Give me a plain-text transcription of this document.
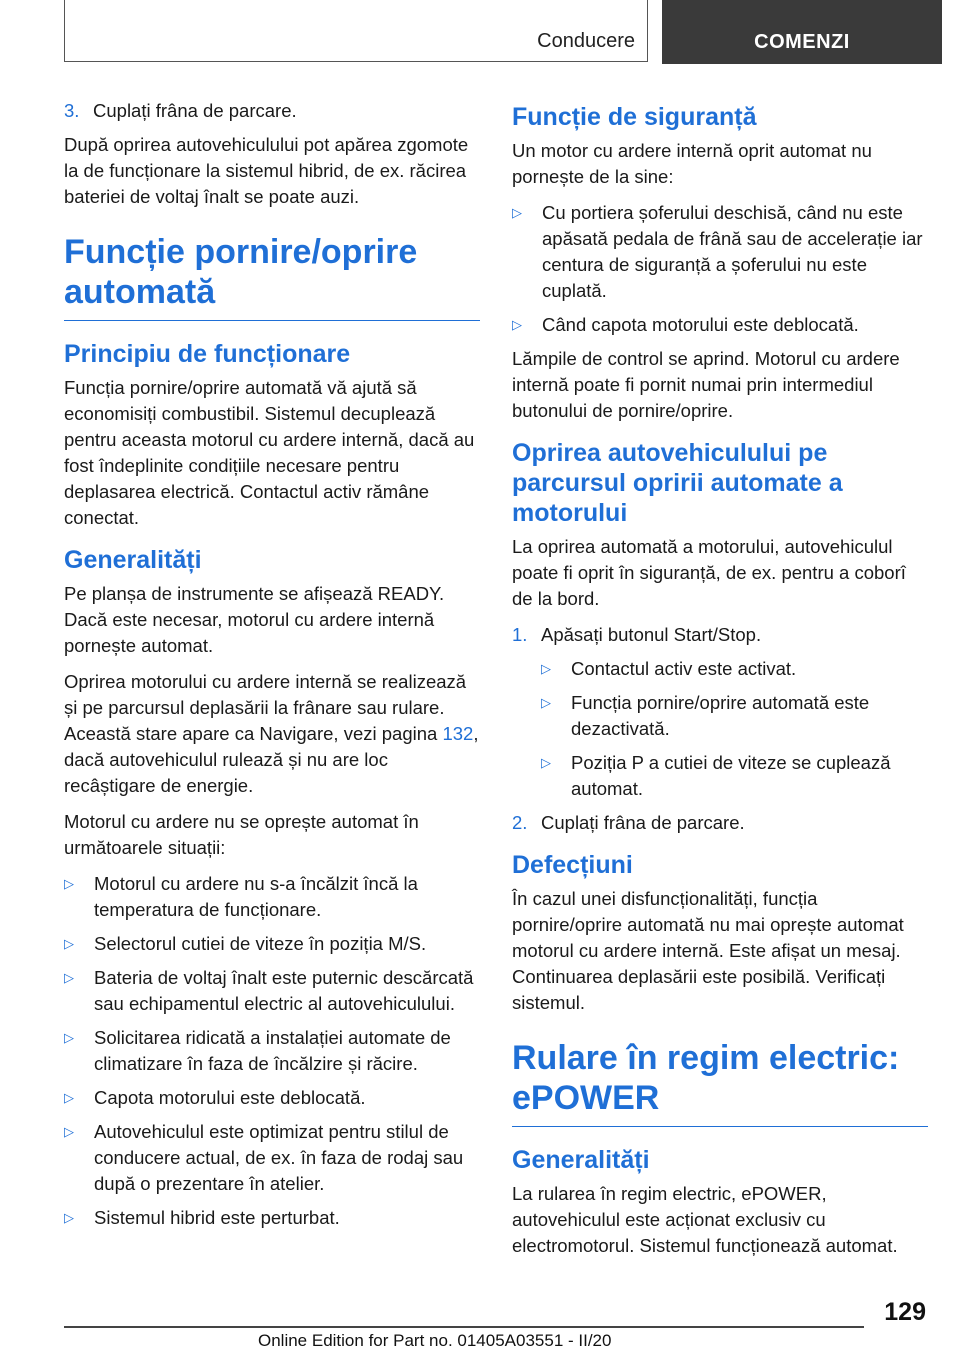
Conducere	COMENZI
3. Cuplați frâna de parcare.

După oprirea autovehiculului pot apărea zgomote la de funcționare la sistemul hibrid, de ex. răcirea bateriei de voltaj înalt se poate auzi.

Funcție pornire/oprire automată
Principiu de funcționare

Funcția pornire/oprire automată vă ajută să economisiți combustibil. Sistemul decuplează pentru aceasta motorul cu ardere internă, dacă au fost îndeplinite condițiile necesare pentru deplasarea electrică. Contactul activ rămâne conectat.

Generalități

Pe planșa de instrumente se afișează READY. Dacă este necesar, motorul cu ardere internă pornește automat.

Oprirea motorului cu ardere internă se realizează și pe parcursul deplasării la frânare sau rulare. Această stare apare ca Navigare, vezi pagina 132, dacă autovehiculul rulează și nu are loc recâștigare de energie.

Motorul cu ardere nu se oprește automat în următoarele situații:

▷	Motorul cu ardere nu s-a încălzit încă la temperatura de funcționare.
▷	Selectorul cutiei de viteze în poziția M/S.
▷	Bateria de voltaj înalt este puternic descărcată sau echipamentul electric al autovehiculului.
▷	Solicitarea ridicată a instalației automate de climatizare în faza de încălzire și răcire.
▷	Capota motorului este deblocată.
▷	Autovehiculul este optimizat pentru stilul de conducere actual, de ex. în faza de rodaj sau după o prezentare în atelier.
▷	Sistemul hibrid este perturbat.
Funcție de siguranță

Un motor cu ardere internă oprit automat nu pornește de la sine:

▷	Cu portiera șoferului deschisă, când nu este apăsată pedala de frână sau de accelerație iar centura de siguranță a șoferului nu este cuplată.
▷	Când capota motorului este deblocată.

Lămpile de control se aprind. Motorul cu ardere internă poate fi pornit numai prin intermediul butonului de pornire/oprire.

Oprirea autovehiculului pe parcursul opririi automate a motorului

La oprirea automată a motorului, autovehiculul poate fi oprit în siguranță, de ex. pentru a coborî de la bord.

1. Apăsați butonul Start/Stop.
▷	Contactul activ este activat.
▷	Funcția pornire/oprire automată este dezactivată.
▷	Poziția P a cutiei de viteze se cuplează automat.
2. Cuplați frâna de parcare.
Defecțiuni

În cazul unei disfuncționalități, funcția pornire/oprire automată nu mai oprește automat motorul cu ardere internă. Este afișat un mesaj. Continuarea deplasării este posibilă. Verificați sistemul.

Rulare în regim electric: ePOWER
Generalități

La rularea în regim electric, ePOWER, autovehiculul este acționat exclusiv cu electromotorul. Sistemul funcționează automat.

129
Online Edition for Part no. 01405A03551 - II/20
